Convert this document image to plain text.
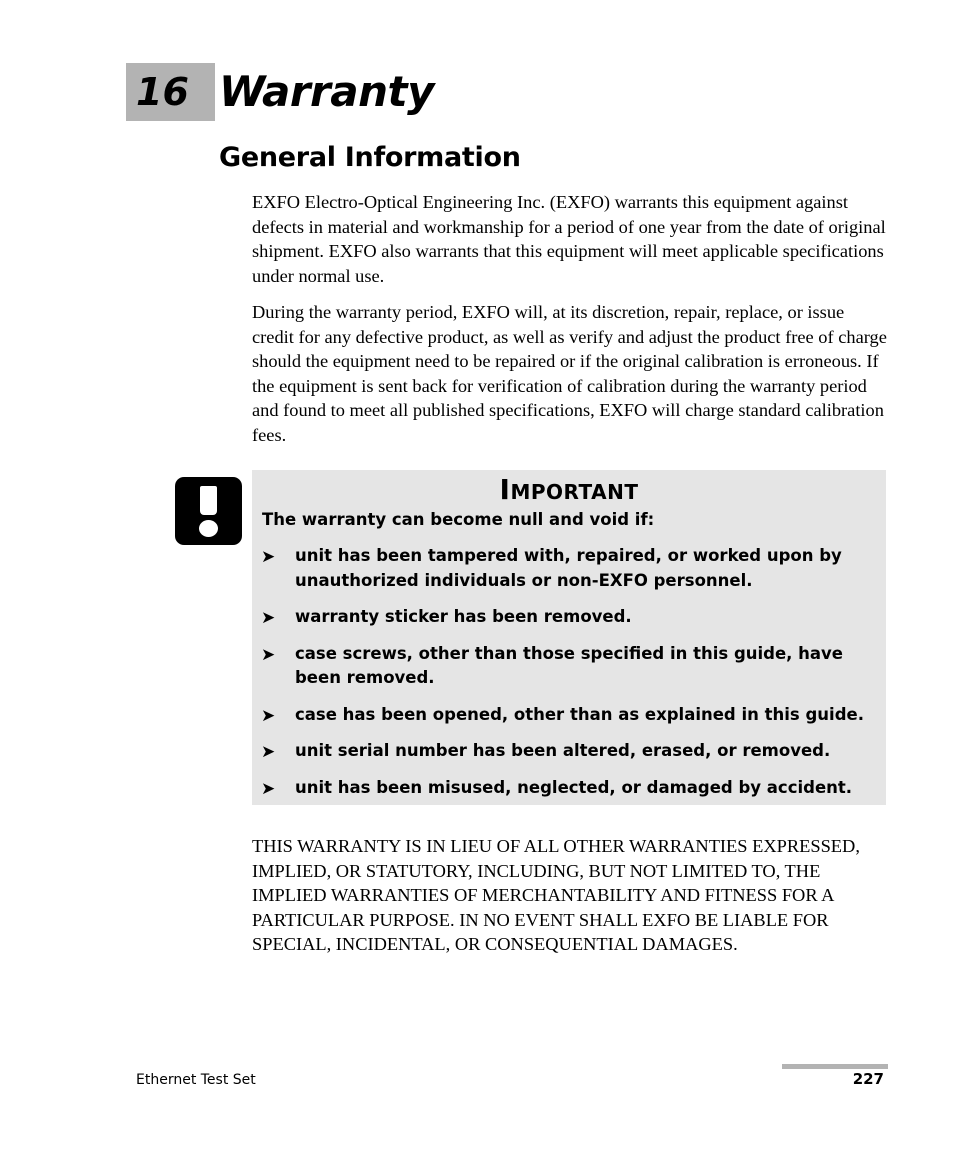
16 Warranty
General Information

EXFO Electro-Optical Engineering Inc. (EXFO) warrants this equipment against defects in material and workmanship for a period of one year from the date of original shipment. EXFO also warrants that this equipment will meet applicable specifications under normal use.

During the warranty period, EXFO will, at its discretion, repair, replace, or issue credit for any defective product, as well as verify and adjust the product free of charge should the equipment need to be repaired or if the original calibration is erroneous. If the equipment is sent back for verification of calibration during the warranty period and found to meet all published specifications, EXFO will charge standard calibration fees.

Important
The warranty can become null and void if:
➤ unit has been tampered with, repaired, or worked upon by unauthorized individuals or non-EXFO personnel.
➤ warranty sticker has been removed.
➤ case screws, other than those specified in this guide, have been removed.
➤ case has been opened, other than as explained in this guide.
➤ unit serial number has been altered, erased, or removed.
➤ unit has been misused, neglected, or damaged by accident.

THIS WARRANTY IS IN LIEU OF ALL OTHER WARRANTIES EXPRESSED, IMPLIED, OR STATUTORY, INCLUDING, BUT NOT LIMITED TO, THE IMPLIED WARRANTIES OF MERCHANTABILITY AND FITNESS FOR A PARTICULAR PURPOSE. IN NO EVENT SHALL EXFO BE LIABLE FOR SPECIAL, INCIDENTAL, OR CONSEQUENTIAL DAMAGES.

Ethernet Test Set	227
